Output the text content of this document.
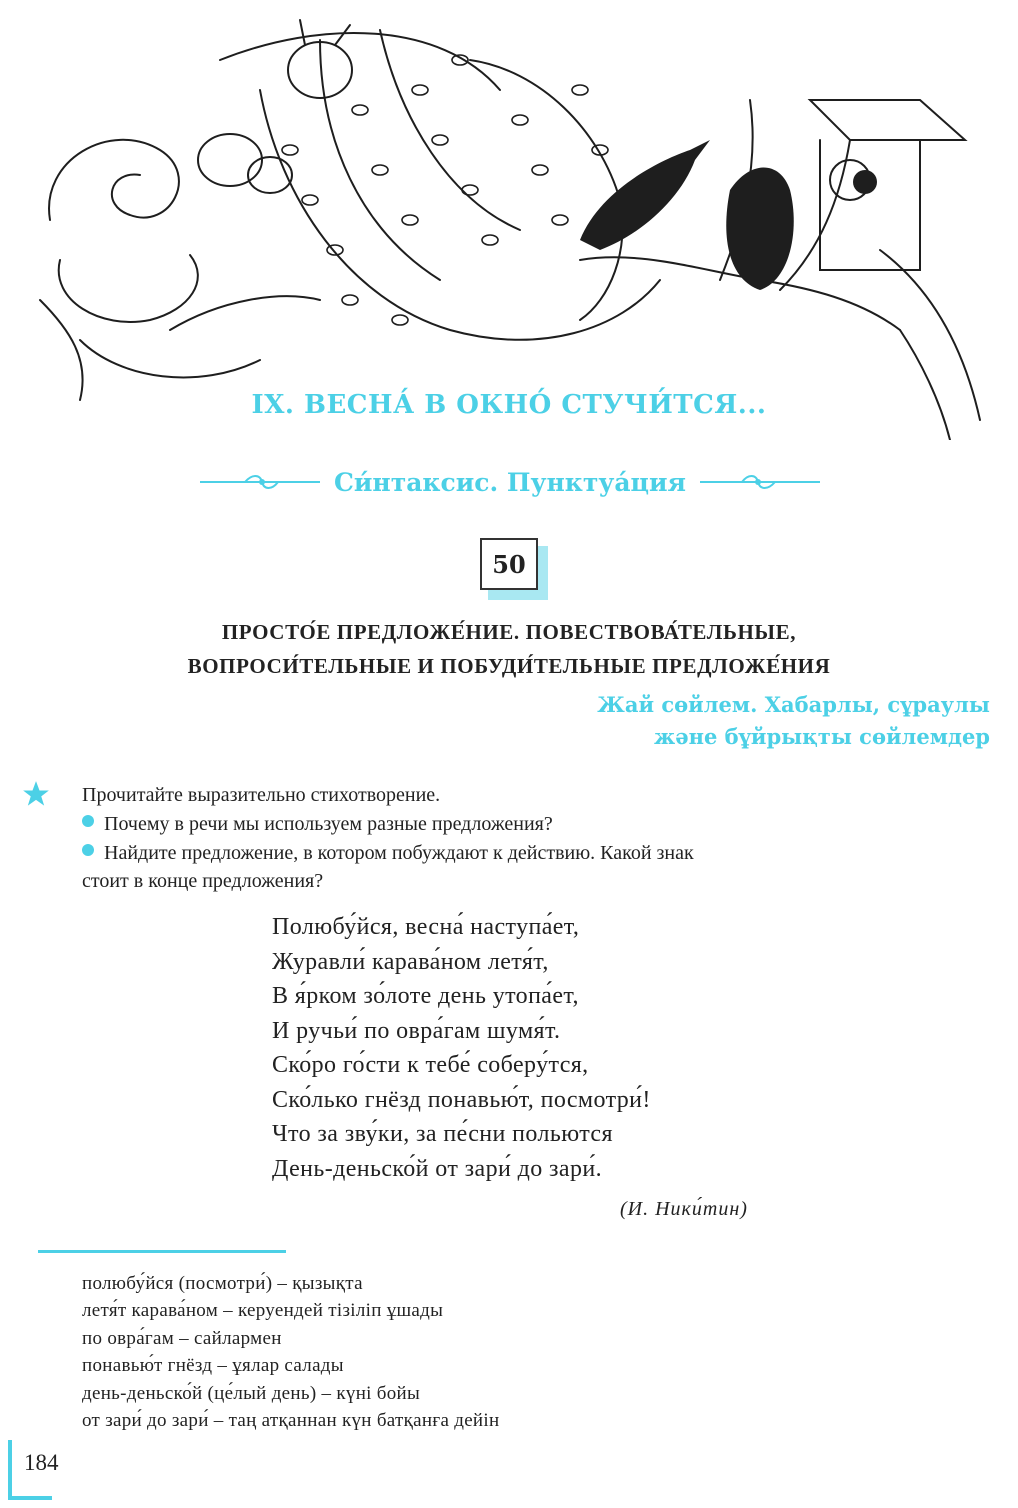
IX. ВЕСНА́ В ОКНО́ СТУЧИ́ТСЯ...
Си́нтаксис. Пунктуа́ция
50
ПРОСТО́Е ПРЕДЛОЖЕ́НИЕ. ПОВЕСТВОВА́ТЕЛЬНЫЕ,
ВОПРОСИ́ТЕЛЬНЫЕ И ПОБУДИ́ТЕЛЬНЫЕ ПРЕДЛОЖЕ́НИЯ
Жай сөйлем. Хабарлы, сұраулы
және бұйрықты сөйлемдер
Прочитайте выразительно стихотворение.
Почему в речи мы используем разные предложения?
Найдите предложение, в котором побуждают к действию. Какой знак
стоит в конце предложения?
Полюбу́йся, весна́ наступа́ет,
Журавли́ карава́ном летя́т,
В я́рком зо́лоте день утопа́ет,
И ручьи́ по овра́гам шумя́т.
Ско́ро го́сти к тебе́ соберу́тся,
Ско́лько гнёзд понавью́т, посмотри́!
Что за зву́ки, за пе́сни польются
День-деньско́й от зари́ до зари́.
(И. Ники́тин)
полюбу́йся (посмотри́) – қызықта
летя́т карава́ном – керуендей тізіліп ұшады
по овра́гам – сайлармен
понавью́т гнёзд – ұялар салады
день-деньско́й (це́лый день) – күні бойы
от зари́ до зари́ – таң атқаннан күн батқанға дейін
184
